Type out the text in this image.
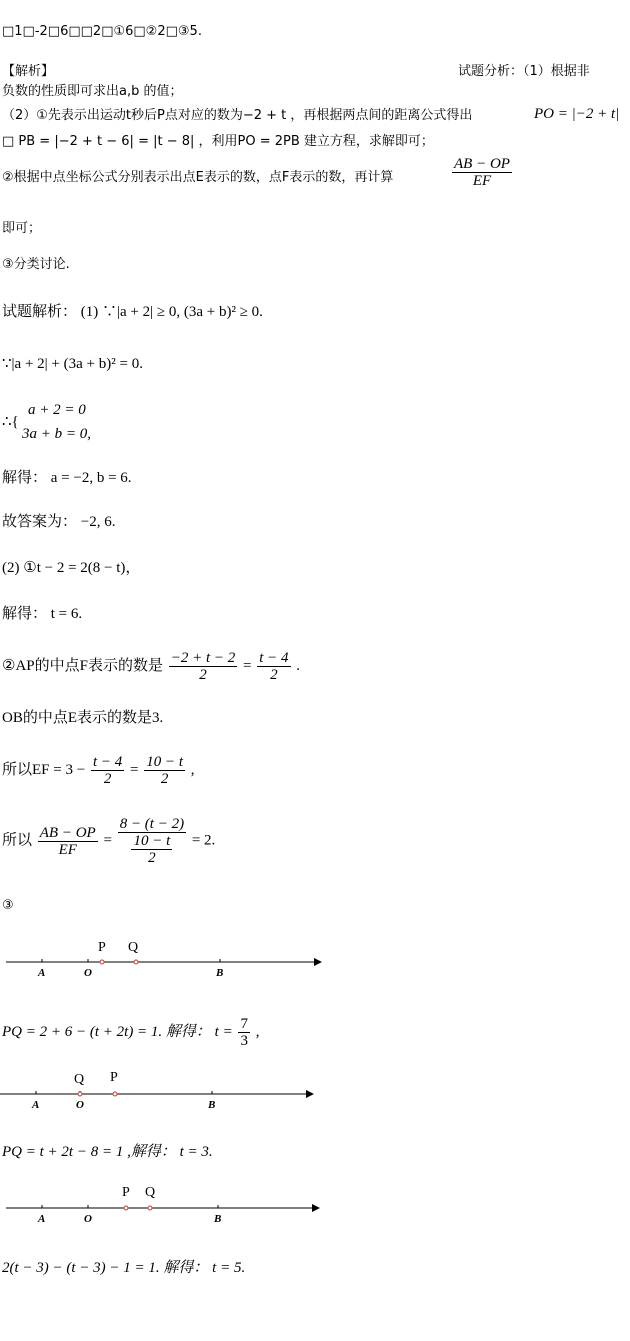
□1□-2□6□□2□①6□②2□③5.
【解析】	试题分析：（1）根据非
负数的性质即可求出a,b 的值；
（2）①先表示出运动t秒后P点对应的数为−2 + t ，再根据两点间的距离公式得出	PO = |−2 + t|
□ PB = |−2 + t − 6| = |t − 8| ，利用PO = 2PB 建立方程，求解即可；
②根据中点坐标公式分别表示出点E表示的数，点F表示的数，再计算	$\frac{AB - OP}{EF}$
即可；
③分类讨论.
试题解析： (1) ∵|a + 2| ≥ 0, (3a + b)² ≥ 0.
∵|a + 2| + (3a + b)² = 0.
∴{
a + 2 = 0
3a + b = 0,
解得： a = −2, b = 6.
故答案为： −2, 6.
(2) ①t − 2 = 2(8 − t)，
解得： t = 6.
②AP的中点F表示的数是 $\frac{-2 + t - 2}{2} = \frac{t - 4}{2}$ .
OB的中点E表示的数是3.
所以EF = $3 - \frac{t - 4}{2} = \frac{10 - t}{2}$ ,
所以 $\frac{AB - OP}{EF} = \frac{8 - (t - 2)}{\frac{10 - t}{2}} = 2$.
③
P Q
A	O	B
PQ = 2 + 6 − (t + 2t) = 1. 解得： $t = \frac{7}{3}$ ,
Q P
A	O	B
PQ = t + 2t − 8 = 1 ,解得： t = 3.
P Q
A	O	B
2(t − 3) − (t − 3) − 1 = 1. 解得： t = 5.
